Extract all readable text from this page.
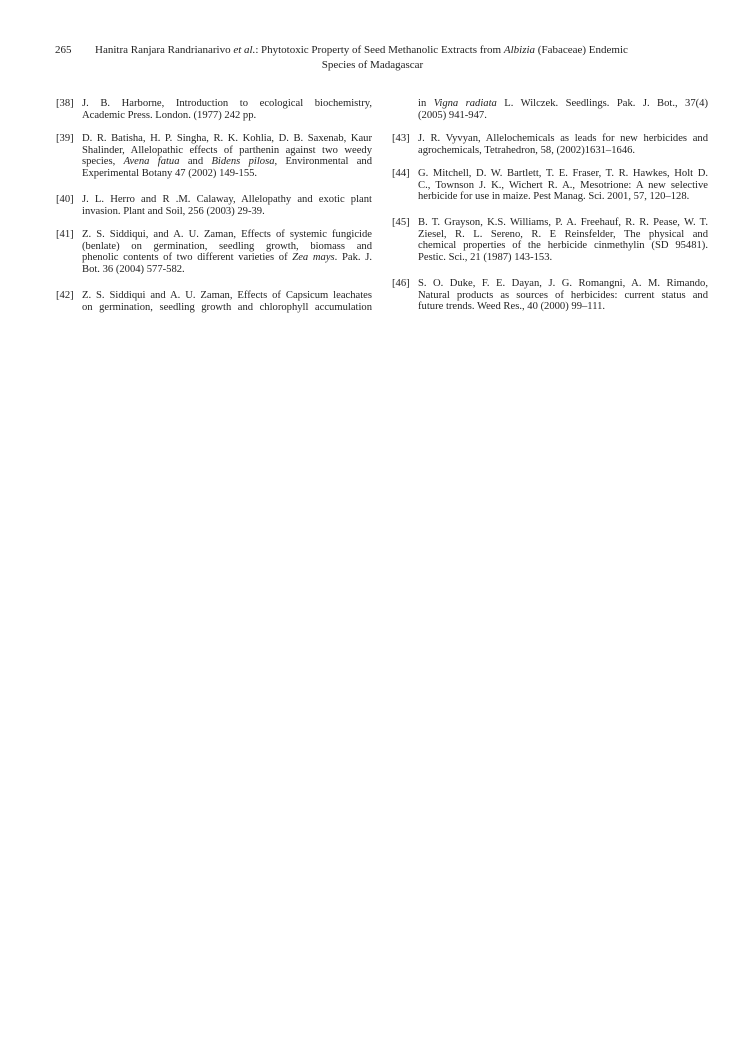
265 Hanitra Ranjara Randrianarivo et al.: Phytotoxic Property of Seed Methanolic Extracts from Albizia (Fabaceae) Endemic
Species of Madagascar
[38] J. B. Harborne, Introduction to ecological biochemistry,
Academic Press. London. (1977) 242 pp.
[39] D. R. Batisha, H. P. Singha, R. K. Kohlia, D. B. Saxenab, Kaur
Shalinder, Allelopathic effects of parthenin against two weedy
species, Avena fatua and Bidens pilosa, Environmental and
Experimental Botany 47 (2002) 149-155.
[40] J. L. Herro and R .M. Calaway, Allelopathy and exotic plant
invasion. Plant and Soil, 256 (2003) 29-39.
[41] Z. S. Siddiqui, and A. U. Zaman, Effects of systemic fungicide
(benlate) on germination, seedling growth, biomass and
phenolic contents of two different varieties of Zea mays. Pak. J.
Bot. 36 (2004) 577-582.
[42] Z. S. Siddiqui and A. U. Zaman, Effects of Capsicum leachates
on germination, seedling growth and chlorophyll accumulation
in Vigna radiata L. Wilczek. Seedlings. Pak. J. Bot., 37(4)
(2005) 941-947.
[43] J. R. Vyvyan, Allelochemicals as leads for new herbicides and
agrochemicals, Tetrahedron, 58, (2002)1631–1646.
[44] G. Mitchell, D. W. Bartlett, T. E. Fraser, T. R. Hawkes, Holt D.
C., Townson J. K., Wichert R. A., Mesotrione: A new selective
herbicide for use in maize. Pest Manag. Sci. 2001, 57, 120–128.
[45] B. T. Grayson, K.S. Williams, P. A. Freehauf, R. R. Pease, W. T.
Ziesel, R. L. Sereno, R. E Reinsfelder, The physical and
chemical properties of the herbicide cinmethylin (SD 95481).
Pestic. Sci., 21 (1987) 143-153.
[46] S. O. Duke, F. E. Dayan, J. G. Romangni, A. M. Rimando,
Natural products as sources of herbicides: current status and
future trends. Weed Res., 40 (2000) 99–111.
